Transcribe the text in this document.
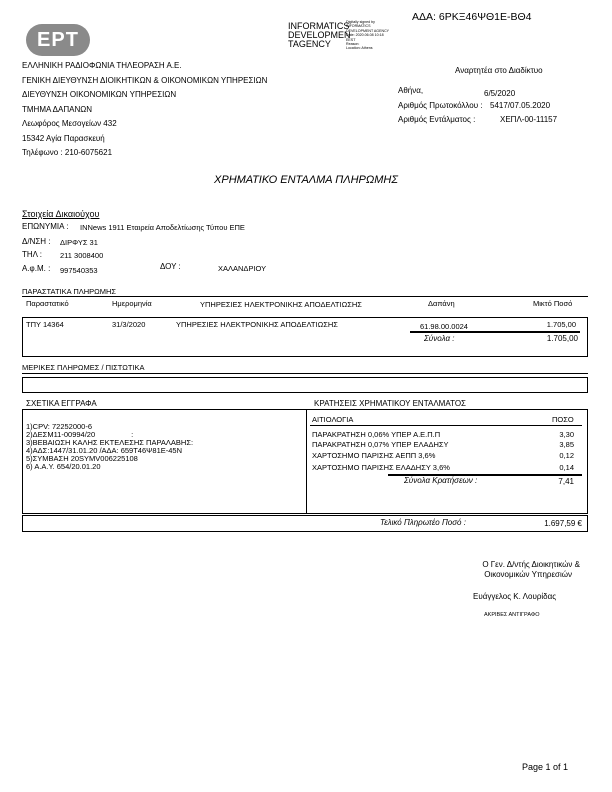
ΕΡΤ
INFORMATICS
DEVELOPMEN
TAGENCY
Digitally signed by
INFORMATICS
DEVELOPMENT AGENCY
Date: 2020.06.08 10:18
EEST
Reason:
Location: Athens
ΑΔΑ: 6ΡΚΞ46ΨΘ1Ε-ΒΘ4
ΕΛΛΗΝΙΚΗ ΡΑΔΙΟΦΩΝΙΑ ΤΗΛΕΟΡΑΣΗ Α.Ε.
ΓΕΝΙΚΗ ΔΙΕΥΘΥΝΣΗ ΔΙΟΙΚΗΤΙΚΩΝ & ΟΙΚΟΝΟΜΙΚΩΝ ΥΠΗΡΕΣΙΩΝ
ΔΙΕΥΘΥΝΣΗ ΟΙΚΟΝΟΜΙΚΩΝ ΥΠΗΡΕΣΙΩΝ
ΤΜΗΜΑ ΔΑΠΑΝΩΝ
Λεωφόρος Μεσογείων 432
15342 Αγία Παρασκευή
Τηλέφωνο : 210-6075621
Αναρτητέα στο Διαδίκτυο
Αθήνα,	6/5/2020
Αριθμός Πρωτοκόλλου : 5417/07.05.2020
Αριθμός Εντάλματος :	ΧΕΠΛ-00-11157
ΧΡΗΜΑΤΙΚΟ ΕΝΤΑΛΜΑ ΠΛΗΡΩΜΗΣ
Στοιχεία Δικαιούχου
ΕΠΩΝΥΜΙΑ : INNews 1911 Εταιρεία Αποδελτίωσης Τύπου ΕΠΕ
Δ/ΝΣΗ : ΔΙΡΦΥΣ 31
ΤΗΛ : 211 3008400
Α.φ.Μ. : 997540353	ΔΟΥ :	ΧΑΛΑΝΔΡΙΟΥ
ΠΑΡΑΣΤΑΤΙΚΑ ΠΛΗΡΩΜΗΣ
Παραστατικό	Ημερομηνία	ΥΠΗΡΕΣΙΕΣ ΗΛΕΚΤΡΟΝΙΚΗΣ ΑΠΟΔΕΛΤΙΩΣΗΣ	Δαπάνη	Μικτό Ποσό
ΤΠΥ 14364	31/3/2020	ΥΠΗΡΕΣΙΕΣ ΗΛΕΚΤΡΟΝΙΚΗΣ ΑΠΟΔΕΛΤΙΩΣΗΣ	61.98.00.0024	1.705,00
Σύνολα :	1.705,00
ΜΕΡΙΚΕΣ ΠΛΗΡΩΜΕΣ / ΠΙΣΤΩΤΙΚΑ
ΣΧΕΤΙΚΑ ΕΓΓΡΑΦΑ	ΚΡΑΤΗΣΕΙΣ ΧΡΗΜΑΤΙΚΟΥ ΕΝΤΑΛΜΑΤΟΣ
1)CPV: 72252000-6
2)ΔΕΣΜ11-00994/20	:
3)ΒΕΒΑΙΩΣΗ ΚΑΛΗΣ ΕΚΤΕΛΕΣΗΣ ΠΑΡΑΛΑΒΗΣ:
4)ΑΔΣ:1447/31.01.20 /ΑΔΑ: 659Τ46Ψ81Ε-45Ν
5)ΣΥΜΒΑΣΗ 20SYMV006225108
6) Α.Α.Υ. 654/20.01.20
ΑΙΤΙΟΛΟΓΙΑ	ΠΟΣΟ
ΠΑΡΑΚΡΑΤΗΣΗ 0,06% ΥΠΕΡ Α.Ε.Π.Π	3,30
ΠΑΡΑΚΡΑΤΗΣΗ 0,07% ΥΠΕΡ ΕΛΑΔΗΣΥ	3,85
ΧΑΡΤΟΣΗΜΟ ΠΑΡΙΣΗΣ ΑΕΠΠ 3,6%	0,12
ΧΑΡΤΟΣΗΜΟ ΠΑΡΙΣΗΣ ΕΛΑΔΗΣΥ 3,6%	0,14
Σύνολα Κρατήσεων :	7,41
Τελικό Πληρωτέο Ποσό :	1.697,59 €
Ο Γεν. Δ/ντής Διοικητικών &
Οικονομικών Υπηρεσιών
Ευάγγελος Κ. Λουρίδας
ΑΚΡΙΒΕΣ ΑΝΤΙΓΡΑΦΟ
Page 1 of 1
